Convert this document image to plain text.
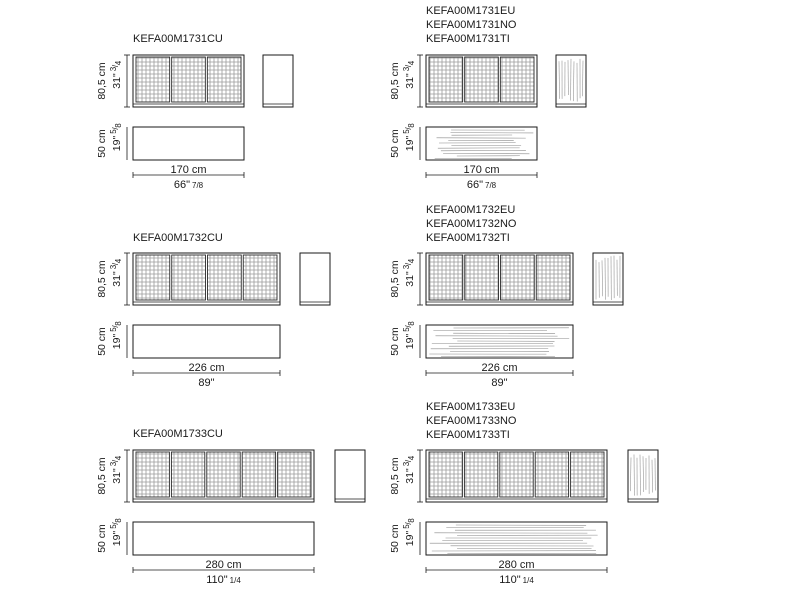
KEFA00M1731CU
80,5 cm 31"
3/4
50 cm 19"
5/8
170 cm
66" 7/8
KEFA00M1731EU
KEFA00M1731NO
KEFA00M1731TI
80,5 cm 31"
3/4
50 cm 19"
5/8
170 cm
66" 7/8
KEFA00M1732CU
80,5 cm 31"
3/4
50 cm 19"
5/8
226 cm
89"
KEFA00M1732EU
KEFA00M1732NO
KEFA00M1732TI
80,5 cm 31"
3/4
50 cm 19"
5/8
226 cm
89"
KEFA00M1733CU
80,5 cm 31"
3/4
50 cm 19"
5/8
280 cm
110" 1/4
KEFA00M1733EU
KEFA00M1733NO
KEFA00M1733TI
80,5 cm 31"
3/4
50 cm 19"
5/8
280 cm
110" 1/4
